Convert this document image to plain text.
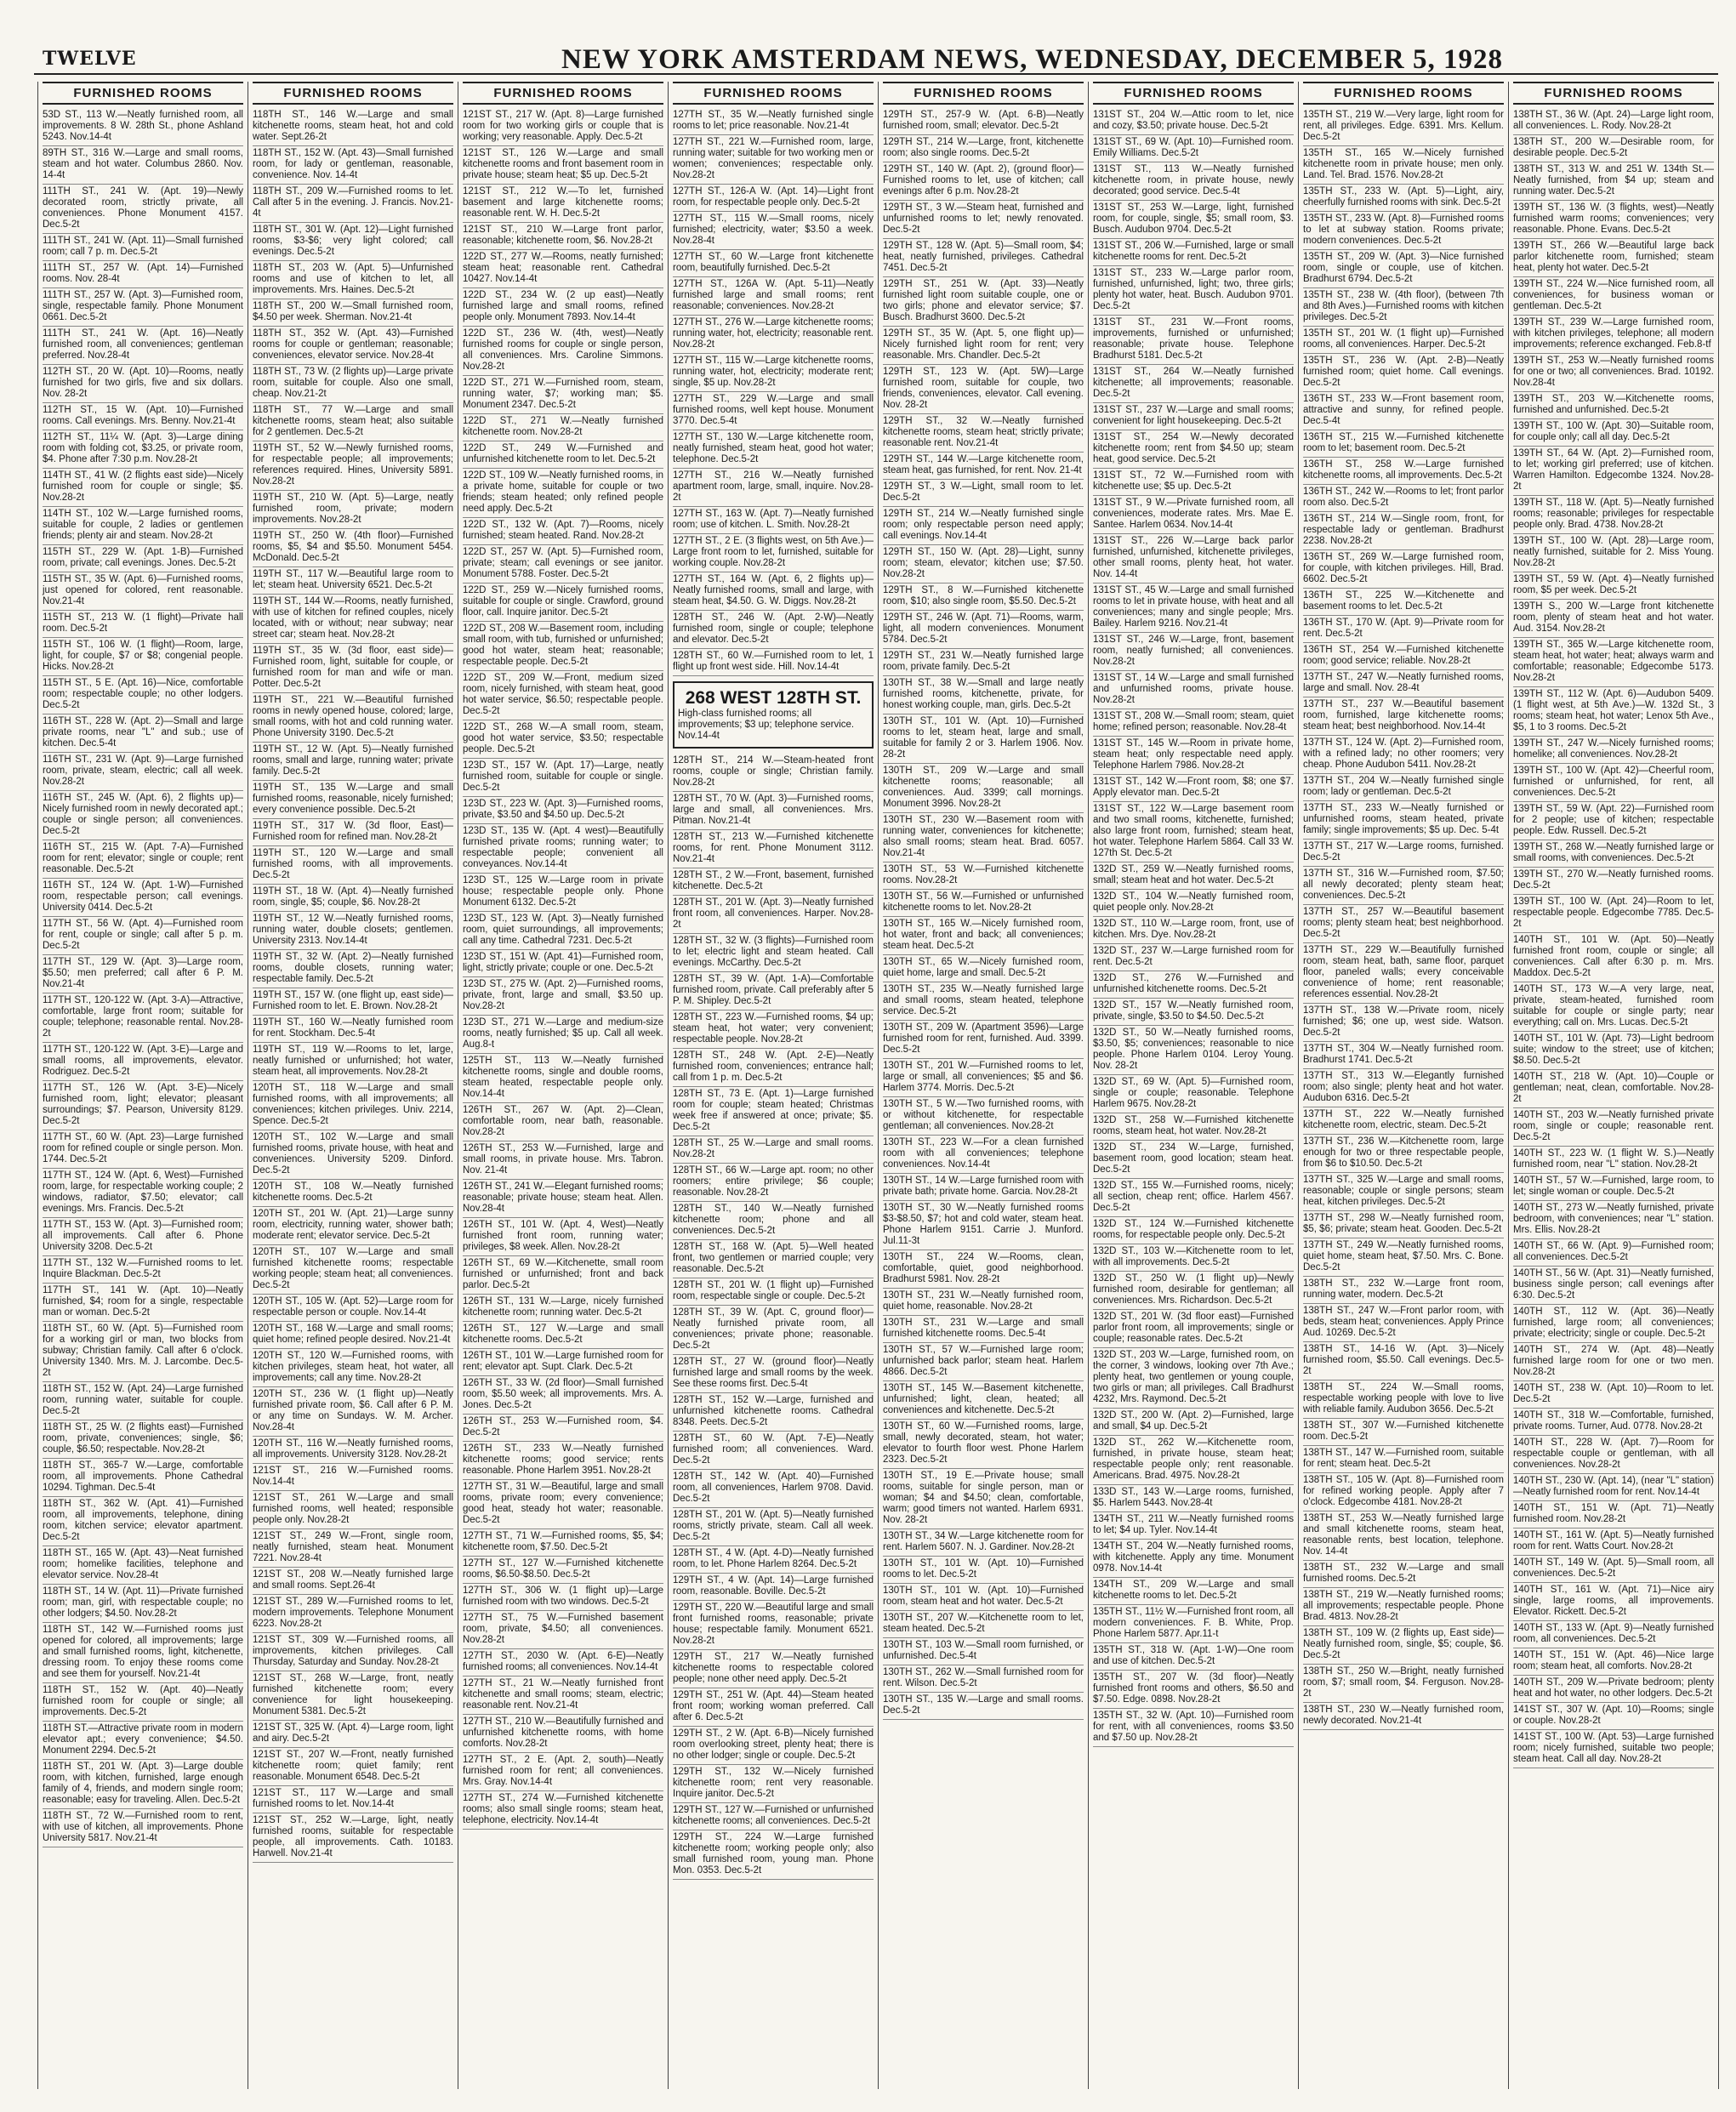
TWELVE	NEW YORK AMSTERDAM NEWS, WEDNESDAY, DECEMBER 5, 1928
FURNISHED ROOMS

53D ST., 113 W.—Neatly furnished room, all improvements. 8 W. 28th St., phone Ashland 5243. Nov.14-4t

89TH ST., 316 W.—Large and small rooms, steam and hot water. Columbus 2860. Nov. 14-4t

111TH ST., 241 W. (Apt. 19)—Newly decorated room, strictly private, all conveniences. Phone Monument 4157. Dec.5-2t

111TH ST., 241 W. (Apt. 11)—Small furnished room; call 7 p. m. Dec.5-2t

111TH ST., 257 W. (Apt. 14)—Furnished rooms. Nov. 28-4t

111TH ST., 257 W. (Apt. 3)—Furnished room, single, respectable family. Phone Monument 0661. Dec.5-2t

111TH ST., 241 W. (Apt. 16)—Neatly furnished room, all conveniences; gentleman preferred. Nov.28-4t

112TH ST., 20 W. (Apt. 10)—Rooms, neatly furnished for two girls, five and six dollars. Nov. 28-2t

112TH ST., 15 W. (Apt. 10)—Furnished rooms. Call evenings. Mrs. Benny. Nov.21-4t

112TH ST., 11¼ W. (Apt. 3)—Large dining room with folding cot, $3.25, or private room, $4. Phone after 7:30 p.m. Nov.28-2t

114TH ST., 41 W. (2 flights east side)—Nicely furnished room for couple or single; $5. Nov.28-2t

114TH ST., 102 W.—Large furnished rooms, suitable for couple, 2 ladies or gentlemen friends; plenty air and steam. Nov.28-2t

115TH ST., 229 W. (Apt. 1-B)—Furnished room, private; call evenings. Jones. Dec.5-2t

115TH ST., 35 W. (Apt. 6)—Furnished rooms, just opened for colored, rent reasonable. Nov.21-4t

115TH ST., 213 W. (1 flight)—Private hall room. Dec.5-2t

115TH ST., 106 W. (1 flight)—Room, large, light, for couple, $7 or $8; congenial people. Hicks. Nov.28-2t

115TH ST., 5 E. (Apt. 16)—Nice, comfortable room; respectable couple; no other lodgers. Dec.5-2t

116TH ST., 228 W. (Apt. 2)—Small and large private rooms, near "L" and sub.; use of kitchen. Dec.5-4t

116TH ST., 231 W. (Apt. 9)—Large furnished room, private, steam, electric; call all week. Nov.28-2t

116TH ST., 245 W. (Apt. 6), 2 flights up)—Nicely furnished room in newly decorated apt.; couple or single person; all conveniences. Dec.5-2t

116TH ST., 215 W. (Apt. 7-A)—Furnished room for rent; elevator; single or couple; rent reasonable. Dec.5-2t

116TH ST., 124 W. (Apt. 1-W)—Furnished room, respectable person; call evenings. University 0414. Dec.5-2t

117TH ST., 56 W. (Apt. 4)—Furnished room for rent, couple or single; call after 5 p. m. Dec.5-2t

117TH ST., 129 W. (Apt. 3)—Large room, $5.50; men preferred; call after 6 P. M. Nov.21-4t

117TH ST., 120-122 W. (Apt. 3-A)—Attractive, comfortable, large front room; suitable for couple; telephone; reasonable rental. Nov.28-2t

117TH ST., 120-122 W. (Apt. 3-E)—Large and small rooms, all improvements, elevator. Rodriguez. Dec.5-2t

117TH ST., 126 W. (Apt. 3-E)—Nicely furnished room, light; elevator; pleasant surroundings; $7. Pearson, University 8129. Dec.5-2t

117TH ST., 60 W. (Apt. 23)—Large furnished room for refined couple or single person. Mon. 1744. Dec.5-2t

117TH ST., 124 W. (Apt. 6, West)—Furnished room, large, for respectable working couple; 2 windows, radiator, $7.50; elevator; call evenings. Mrs. Francis. Dec.5-2t

117TH ST., 153 W. (Apt. 3)—Furnished room; all improvements. Call after 6. Phone University 3208. Dec.5-2t

117TH ST., 132 W.—Furnished rooms to let. Inquire Blackman. Dec.5-2t

117TH ST., 141 W. (Apt. 10)—Neatly furnished, $4; room for a single, respectable man or woman. Dec.5-2t

118TH ST., 60 W. (Apt. 5)—Furnished room for a working girl or man, two blocks from subway; Christian family. Call after 6 o'clock. University 1340. Mrs. M. J. Larcombe. Dec.5-2t

118TH ST., 152 W. (Apt. 24)—Large furnished room, running water, suitable for couple. Dec.5-2t

118TH ST., 25 W. (2 flights east)—Furnished room, private, conveniences; single, $6; couple, $6.50; respectable. Nov.28-2t

118TH ST., 365-7 W.—Large, comfortable room, all improvements. Phone Cathedral 10294. Tighman. Dec.5-4t

118TH ST., 362 W. (Apt. 41)—Furnished room, all improvements, telephone, dining room, kitchen service; elevator apartment. Dec.5-2t

118TH ST., 165 W. (Apt. 43)—Neat furnished room; homelike facilities, telephone and elevator service. Nov.28-4t

118TH ST., 14 W. (Apt. 11)—Private furnished room; man, girl, with respectable couple; no other lodgers; $4.50. Nov.28-2t

118TH ST., 142 W.—Furnished rooms just opened for colored, all improvements; large and small furnished rooms, light, kitchenette, dressing room. To enjoy these rooms come and see them for yourself. Nov.21-4t

118TH ST., 152 W. (Apt. 40)—Neatly furnished room for couple or single; all improvements. Dec.5-2t

118TH ST.—Attractive private room in modern elevator apt.; every convenience; $4.50. Monument 2294. Dec.5-2t

118TH ST., 201 W. (Apt. 3)—Large double room, with kitchen, furnished, large enough family of 4, friends, and modern single room; reasonable; easy for traveling. Allen. Dec.5-2t

118TH ST., 72 W.—Furnished room to rent, with use of kitchen, all improvements. Phone University 5817. Nov.21-4t

FURNISHED ROOMS

118TH ST., 146 W.—Large and small kitchenette rooms, steam heat, hot and cold water. Sept.26-2t

118TH ST., 152 W. (Apt. 43)—Small furnished room, for lady or gentleman, reasonable, convenience. Nov. 14-4t

118TH ST., 209 W.—Furnished rooms to let. Call after 5 in the evening. J. Francis. Nov.21-4t

118TH ST., 301 W. (Apt. 12)—Light furnished rooms, $3-$6; very light colored; call evenings. Dec.5-2t

118TH ST., 203 W. (Apt. 5)—Unfurnished rooms and use of kitchen to let, all improvements. Mrs. Haines. Dec.5-2t

118TH ST., 200 W.—Small furnished room, $4.50 per week. Sherman. Nov.21-4t

118TH ST., 352 W. (Apt. 43)—Furnished rooms for couple or gentleman; reasonable; conveniences, elevator service. Nov.28-4t

118TH ST., 73 W. (2 flights up)—Large private room, suitable for couple. Also one small, cheap. Nov.21-2t

118TH ST., 77 W.—Large and small kitchenette rooms, steam heat; also suitable for 2 gentlemen. Dec.5-2t

119TH ST., 52 W.—Newly furnished rooms, for respectable people; all improvements; references required. Hines, University 5891. Nov.28-2t

119TH ST., 210 W. (Apt. 5)—Large, neatly furnished room, private; modern improvements. Nov.28-2t

119TH ST., 250 W. (4th floor)—Furnished rooms, $5, $4 and $5.50. Monument 5454. McDonald. Dec.5-2t

119TH ST., 117 W.—Beautiful large room to let; steam heat. University 6521. Dec.5-2t

119TH ST., 144 W.—Rooms, neatly furnished, with use of kitchen for refined couples, nicely located, with or without; near subway; near street car; steam heat. Nov.28-2t

119TH ST., 35 W. (3d floor, east side)—Furnished room, light, suitable for couple, or furnished room for man and wife or man. Potter. Dec.5-2t

119TH ST., 221 W.—Beautiful furnished rooms in newly opened house, colored; large, small rooms, with hot and cold running water. Phone University 3190. Dec.5-2t

119TH ST., 12 W. (Apt. 5)—Neatly furnished rooms, small and large, running water; private family. Dec.5-2t

119TH ST., 135 W.—Large and small furnished rooms, reasonable, nicely furnished; every convenience possible. Dec.5-2t

119TH ST., 317 W. (3d floor, East)—Furnished room for refined man. Nov.28-2t

119TH ST., 120 W.—Large and small furnished rooms, with all improvements. Dec.5-2t

119TH ST., 18 W. (Apt. 4)—Neatly furnished room, single, $5; couple, $6. Nov.28-2t

119TH ST., 12 W.—Neatly furnished rooms, running water, double closets; gentlemen. University 2313. Nov.14-4t

119TH ST., 32 W. (Apt. 2)—Neatly furnished rooms, double closets, running water; respectable family. Dec.5-2t

119TH ST., 157 W. (one flight up, east side)—Furnished room to let. E. Brown. Nov.28-2t

119TH ST., 160 W.—Neatly furnished room for rent. Stockham. Dec.5-4t

119TH ST., 119 W.—Rooms to let, large, neatly furnished or unfurnished; hot water, steam heat, all improvements. Nov.28-2t

120TH ST., 118 W.—Large and small furnished rooms, with all improvements; all conveniences; kitchen privileges. Univ. 2214, Spence. Dec.5-2t

120TH ST., 102 W.—Large and small furnished rooms, private house, with heat and conveniences. University 5209. Dinford. Dec.5-2t

120TH ST., 108 W.—Neatly furnished kitchenette rooms. Dec.5-2t

120TH ST., 201 W. (Apt. 21)—Large sunny room, electricity, running water, shower bath; moderate rent; elevator service. Dec.5-2t

120TH ST., 107 W.—Large and small furnished kitchenette rooms; respectable working people; steam heat; all conveniences. Dec.5-2t

120TH ST., 105 W. (Apt. 52)—Large room for respectable person or couple. Nov.14-4t

120TH ST., 168 W.—Large and small rooms; quiet home; refined people desired. Nov.21-4t

120TH ST., 120 W.—Furnished rooms, with kitchen privileges, steam heat, hot water, all improvements; call any time. Nov.28-2t

120TH ST., 236 W. (1 flight up)—Neatly furnished private room, $6. Call after 6 P. M. or any time on Sundays. W. M. Archer. Nov.28-4t

120TH ST., 116 W.—Neatly furnished rooms, all improvements. University 3128. Nov.28-2t

121ST ST., 216 W.—Furnished rooms. Nov.14-4t

121ST ST., 261 W.—Large and small furnished rooms, well heated; responsible people only. Nov.28-2t

121ST ST., 249 W.—Front, single room, neatly furnished, steam heat. Monument 7221. Nov.28-4t

121ST ST., 208 W.—Neatly furnished large and small rooms. Sept.26-4t

121ST ST., 289 W.—Furnished rooms to let, modern improvements. Telephone Monument 6223. Nov.28-2t

121ST ST., 309 W.—Furnished rooms, all improvements, kitchen privileges. Call Thursday, Saturday and Sunday. Nov.28-2t

121ST ST., 268 W.—Large, front, neatly furnished kitchenette room; every convenience for light housekeeping. Monument 5381. Dec.5-2t

121ST ST., 325 W. (Apt. 4)—Large room, light and airy. Dec.5-2t

121ST ST., 207 W.—Front, neatly furnished kitchenette room; quiet family; rent reasonable. Monument 6548. Dec.5-2t

121ST ST., 117 W.—Large and small furnished rooms to let. Nov.14-4t

121ST ST., 252 W.—Large, light, neatly furnished rooms, suitable for respectable people, all improvements. Cath. 10183. Harwell. Nov.21-4t

FURNISHED ROOMS

121ST ST., 217 W. (Apt. 8)—Large furnished room for two working girls or couple that is working; very reasonable. Apply. Dec.5-2t

121ST ST., 126 W.—Large and small kitchenette rooms and front basement room in private house; steam heat; $5 up. Dec.5-2t

121ST ST., 212 W.—To let, furnished basement and large kitchenette rooms; reasonable rent. W. H. Dec.5-2t

121ST ST., 210 W.—Large front parlor, reasonable; kitchenette room, $6. Nov.28-2t

122D ST., 277 W.—Rooms, neatly furnished; steam heat; reasonable rent. Cathedral 10427. Nov.14-4t

122D ST., 234 W. (2 up east)—Neatly furnished large and small rooms, refined people only. Monument 7893. Nov.14-4t

122D ST., 236 W. (4th, west)—Neatly furnished rooms for couple or single person, all conveniences. Mrs. Caroline Simmons. Nov.28-2t

122D ST., 271 W.—Furnished room, steam, running water, $7; working man; $5. Monument 2347. Dec.5-2t

122D ST., 271 W.—Neatly furnished kitchenette room. Nov.28-2t

122D ST., 249 W.—Furnished and unfurnished kitchenette room to let. Dec.5-2t

122D ST., 109 W.—Neatly furnished rooms, in a private home, suitable for couple or two friends; steam heated; only refined people need apply. Dec.5-2t

122D ST., 132 W. (Apt. 7)—Rooms, nicely furnished; steam heated. Rand. Nov.28-2t

122D ST., 257 W. (Apt. 5)—Furnished room, private; steam; call evenings or see janitor. Monument 5788. Foster. Dec.5-2t

122D ST., 259 W.—Nicely furnished rooms, suitable for couple or single. Crawford, ground floor, call. Inquire janitor. Dec.5-2t

122D ST., 208 W.—Basement room, including small room, with tub, furnished or unfurnished; good hot water, steam heat; reasonable; respectable people. Dec.5-2t

122D ST., 209 W.—Front, medium sized room, nicely furnished, with steam heat, good hot water service, $6.50; respectable people. Dec.5-2t

122D ST., 268 W.—A small room, steam, good hot water service, $3.50; respectable people. Dec.5-2t

123D ST., 157 W. (Apt. 17)—Large, neatly furnished room, suitable for couple or single. Dec.5-2t

123D ST., 223 W. (Apt. 3)—Furnished rooms, private, $3.50 and $4.50 up. Dec.5-2t

123D ST., 135 W. (Apt. 4 west)—Beautifully furnished private rooms; running water; to respectable people; convenient all conveyances. Nov.14-4t

123D ST., 125 W.—Large room in private house; respectable people only. Phone Monument 6132. Dec.5-2t

123D ST., 123 W. (Apt. 3)—Neatly furnished room, quiet surroundings, all improvements; call any time. Cathedral 7231. Dec.5-2t

123D ST., 151 W. (Apt. 41)—Furnished room, light, strictly private; couple or one. Dec.5-2t

123D ST., 275 W. (Apt. 2)—Furnished rooms, private, front, large and small, $3.50 up. Nov.28-2t

123D ST., 271 W.—Large and medium-size rooms, neatly furnished; $5 up. Call all week. Aug.8-t

125TH ST., 113 W.—Neatly furnished kitchenette rooms, single and double rooms, steam heated, respectable people only. Nov.14-4t

126TH ST., 267 W. (Apt. 2)—Clean, comfortable room, near bath, reasonable. Nov.28-2t

126TH ST., 253 W.—Furnished, large and small rooms, in private house. Mrs. Tabron. Nov. 21-4t

126TH ST., 241 W.—Elegant furnished rooms; reasonable; private house; steam heat. Allen. Nov.28-4t

126TH ST., 101 W. (Apt. 4, West)—Neatly furnished front room, running water; privileges, $8 week. Allen. Nov.28-2t

126TH ST., 69 W.—Kitchenette, small room furnished or unfurnished; front and back parlor. Dec.5-2t

126TH ST., 131 W.—Large, nicely furnished kitchenette room; running water. Dec.5-2t

126TH ST., 127 W.—Large and small kitchenette rooms. Dec.5-2t

126TH ST., 101 W.—Large furnished room for rent; elevator apt. Supt. Clark. Dec.5-2t

126TH ST., 33 W. (2d floor)—Small furnished room, $5.50 week; all improvements. Mrs. A. Jones. Dec.5-2t

126TH ST., 253 W.—Furnished room, $4. Dec.5-2t

126TH ST., 233 W.—Neatly furnished kitchenette rooms; good service; rents reasonable. Phone Harlem 3951. Nov.28-2t

127TH ST., 31 W.—Beautiful, large and small rooms, private room; every convenience; good heat, steady hot water; reasonable. Dec.5-2t

127TH ST., 71 W.—Furnished rooms, $5, $4; kitchenette room, $7.50. Dec.5-2t

127TH ST., 127 W.—Furnished kitchenette rooms, $6.50-$8.50. Dec.5-2t

127TH ST., 306 W. (1 flight up)—Large furnished room with two windows. Dec.5-2t

127TH ST., 75 W.—Furnished basement room, private, $4.50; all conveniences. Nov.28-2t

127TH ST., 2030 W. (Apt. 6-E)—Neatly furnished rooms; all conveniences. Nov.14-4t

127TH ST., 21 W.—Neatly furnished front kitchenette and small rooms; steam, electric; reasonable rent. Nov.21-4t

127TH ST., 210 W.—Beautifully furnished and unfurnished kitchenette rooms, with home comforts. Nov.28-2t

127TH ST., 2 E. (Apt. 2, south)—Neatly furnished room for rent; all conveniences. Mrs. Gray. Nov.14-4t

127TH ST., 274 W.—Furnished kitchenette rooms; also small single rooms; steam heat, telephone, electricity. Nov.14-4t

FURNISHED ROOMS

127TH ST., 35 W.—Neatly furnished single rooms to let; price reasonable. Nov.21-4t

127TH ST., 221 W.—Furnished room, large, running water; suitable for two working men or women; conveniences; respectable only. Nov.28-2t

127TH ST., 126-A W. (Apt. 14)—Light front room, for respectable people only. Dec.5-2t

127TH ST., 115 W.—Small rooms, nicely furnished; electricity, water; $3.50 a week. Nov.28-4t

127TH ST., 60 W.—Large front kitchenette room, beautifully furnished. Dec.5-2t

127TH ST., 126A W. (Apt. 5-11)—Neatly furnished large and small rooms; rent reasonable; conveniences. Nov.28-2t

127TH ST., 276 W.—Large kitchenette rooms; running water, hot, electricity; reasonable rent. Nov.28-2t

127TH ST., 115 W.—Large kitchenette rooms, running water, hot, electricity; moderate rent; single, $5 up. Nov.28-2t

127TH ST., 229 W.—Large and small furnished rooms, well kept house. Monument 3770. Dec.5-4t

127TH ST., 130 W.—Large kitchenette room, neatly furnished, steam heat, good hot water; telephone. Dec.5-2t

127TH ST., 216 W.—Neatly furnished apartment room, large, small, inquire. Nov.28-2t

127TH ST., 163 W. (Apt. 7)—Neatly furnished room; use of kitchen. L. Smith. Nov.28-2t

127TH ST., 2 E. (3 flights west, on 5th Ave.)—Large front room to let, furnished, suitable for working couple. Nov.28-2t

127TH ST., 164 W. (Apt. 6, 2 flights up)—Neatly furnished rooms, small and large, with steam heat, $4.50. G. W. Diggs. Nov.28-2t

128TH ST., 246 W. (Apt. 2-W)—Neatly furnished room, single or couple; telephone and elevator. Dec.5-2t

128TH ST., 60 W.—Furnished room to let, 1 flight up front west side. Hill. Nov.14-4t

268 WEST 128TH ST.
High-class furnished rooms; all improvements; $3 up; telephone service. Nov.14-4t

128TH ST., 214 W.—Steam-heated front rooms, couple or single; Christian family. Nov.28-2t

128TH ST., 70 W. (Apt. 3)—Furnished rooms, large and small, all conveniences. Mrs. Pitman. Nov.21-4t

128TH ST., 213 W.—Furnished kitchenette rooms, for rent. Phone Monument 3112. Nov.21-4t

128TH ST., 2 W.—Front, basement, furnished kitchenette. Dec.5-2t

128TH ST., 201 W. (Apt. 3)—Neatly furnished front room, all conveniences. Harper. Nov.28-2t

128TH ST., 32 W. (3 flights)—Furnished room to let; electric light and steam heated. Call evenings. McCarthy. Dec.5-2t

128TH ST., 39 W. (Apt. 1-A)—Comfortable furnished room, private. Call preferably after 5 P. M. Shipley. Dec.5-2t

128TH ST., 223 W.—Furnished rooms, $4 up; steam heat, hot water; very convenient; respectable people. Nov.28-2t

128TH ST., 248 W. (Apt. 2-E)—Neatly furnished room, conveniences; entrance hall; call from 1 p. m. Dec.5-2t

128TH ST., 73 E. (Apt. 1)—Large furnished room for couple; steam heated; Christmas week free if answered at once; private; $5. Dec.5-2t

128TH ST., 25 W.—Large and small rooms. Nov.28-2t

128TH ST., 66 W.—Large apt. room; no other roomers; entire privilege; $6 couple; reasonable. Nov.28-2t

128TH ST., 140 W.—Neatly furnished kitchenette room; phone and all conveniences. Dec.5-2t

128TH ST., 168 W. (Apt. 5)—Well heated front, two gentlemen or married couple; very reasonable. Dec.5-2t

128TH ST., 201 W. (1 flight up)—Furnished room, respectable single or couple. Dec.5-2t

128TH ST., 39 W. (Apt. C, ground floor)—Neatly furnished private room, all conveniences; private phone; reasonable. Dec.5-2t

128TH ST., 27 W. (ground floor)—Neatly furnished large and small rooms by the week. See these rooms first. Dec.5-4t

128TH ST., 152 W.—Large, furnished and unfurnished kitchenette rooms. Cathedral 8348. Peets. Dec.5-2t

128TH ST., 60 W. (Apt. 7-E)—Neatly furnished room; all conveniences. Ward. Dec.5-2t

128TH ST., 142 W. (Apt. 40)—Furnished room, all conveniences, Harlem 9708. David. Dec.5-2t

128TH ST., 201 W. (Apt. 5)—Neatly furnished rooms, strictly private, steam. Call all week. Dec.5-2t

128TH ST., 4 W. (Apt. 4-D)—Neatly furnished room, to let. Phone Harlem 8264. Dec.5-2t

129TH ST., 4 W. (Apt. 14)—Large furnished room, reasonable. Boville. Dec.5-2t

129TH ST., 220 W.—Beautiful large and small front furnished rooms, reasonable; private house; respectable family. Monument 6521. Nov.28-2t

129TH ST., 217 W.—Neatly furnished kitchenette rooms to respectable colored people; none other need apply. Dec.5-2t

129TH ST., 251 W. (Apt. 44)—Steam heated front room; working woman preferred. Call after 6. Dec.5-2t

129TH ST., 2 W. (Apt. 6-B)—Nicely furnished room overlooking street, plenty heat; there is no other lodger; single or couple. Dec.5-2t

129TH ST., 132 W.—Nicely furnished kitchenette room; rent very reasonable. Inquire janitor. Dec.5-2t

129TH ST., 127 W.—Furnished or unfurnished kitchenette rooms; all conveniences. Dec.5-2t

129TH ST., 224 W.—Large furnished kitchenette room; working people only; also small furnished room, young man. Phone Mon. 0353. Dec.5-2t

FURNISHED ROOMS

129TH ST., 257-9 W. (Apt. 6-B)—Neatly furnished room, small; elevator. Dec.5-2t

129TH ST., 214 W.—Large, front, kitchenette room; also single rooms. Dec.5-2t

129TH ST., 140 W. (Apt. 2), (ground floor)—Furnished rooms to let, use of kitchen; call evenings after 6 p.m. Nov.28-2t

129TH ST., 3 W.—Steam heat, furnished and unfurnished rooms to let; newly renovated. Dec.5-2t

129TH ST., 128 W. (Apt. 5)—Small room, $4; heat, neatly furnished, privileges. Cathedral 7451. Dec.5-2t

129TH ST., 251 W. (Apt. 33)—Neatly furnished light room suitable couple, one or two girls; phone and elevator service; $7. Busch. Bradhurst 3600. Dec.5-2t

129TH ST., 35 W. (Apt. 5, one flight up)—Nicely furnished light room for rent; very reasonable. Mrs. Chandler. Dec.5-2t

129TH ST., 123 W. (Apt. 5W)—Large furnished room, suitable for couple, two friends, conveniences, elevator. Call evening. Nov. 28-2t

129TH ST., 32 W.—Neatly furnished kitchenette rooms, steam heat; strictly private; reasonable rent. Nov.21-4t

129TH ST., 144 W.—Large kitchenette room, steam heat, gas furnished, for rent. Nov. 21-4t

129TH ST., 3 W.—Light, small room to let. Dec.5-2t

129TH ST., 214 W.—Neatly furnished single room; only respectable person need apply; call evenings. Nov.14-4t

129TH ST., 150 W. (Apt. 28)—Light, sunny room; steam, elevator; kitchen use; $7.50. Nov.28-2t

129TH ST., 8 W.—Furnished kitchenette room, $10; also single room, $5.50. Dec.5-2t

129TH ST., 246 W. (Apt. 71)—Rooms, warm, light, all modern conveniences. Monument 5784. Dec.5-2t

129TH ST., 231 W.—Neatly furnished large room, private family. Dec.5-2t

130TH ST., 38 W.—Small and large neatly furnished rooms, kitchenette, private, for honest working couple, man, girls. Dec.5-2t

130TH ST., 101 W. (Apt. 10)—Furnished rooms to let, steam heat, large and small, suitable for family 2 or 3. Harlem 1906. Nov. 28-2t

130TH ST., 209 W.—Large and small kitchenette rooms; reasonable; all conveniences. Aud. 3399; call mornings. Monument 3996. Nov.28-2t

130TH ST., 230 W.—Basement room with running water, conveniences for kitchenette; also small rooms; steam heat. Brad. 6057. Nov.21-4t

130TH ST., 53 W.—Furnished kitchenette rooms. Nov.28-2t

130TH ST., 56 W.—Furnished or unfurnished kitchenette rooms to let. Nov.28-2t

130TH ST., 165 W.—Nicely furnished room, hot water, front and back; all conveniences; steam heat. Dec.5-2t

130TH ST., 65 W.—Nicely furnished room, quiet home, large and small. Dec.5-2t

130TH ST., 235 W.—Neatly furnished large and small rooms, steam heated, telephone service. Dec.5-2t

130TH ST., 209 W. (Apartment 3596)—Large furnished room for rent, furnished. Aud. 3399. Dec.5-2t

130TH ST., 201 W.—Furnished rooms to let, large or small, all conveniences; $5 and $6. Harlem 3774. Morris. Dec.5-2t

130TH ST., 5 W.—Two furnished rooms, with or without kitchenette, for respectable gentleman; all conveniences. Nov.28-2t

130TH ST., 223 W.—For a clean furnished room with all conveniences; telephone conveniences. Nov.14-4t

130TH ST., 14 W.—Large furnished room with private bath; private home. Garcia. Nov.28-2t

130TH ST., 30 W.—Neatly furnished rooms $3-$8.50, $7; hot and cold water, steam heat. Phone Harlem 9151. Carrie J. Munford. Jul.11-3t

130TH ST., 224 W.—Rooms, clean, comfortable, quiet, good neighborhood. Bradhurst 5981. Nov. 28-2t

130TH ST., 231 W.—Neatly furnished room, quiet home, reasonable. Nov.28-2t

130TH ST., 231 W.—Large and small furnished kitchenette rooms. Dec.5-4t

130TH ST., 57 W.—Furnished large room; unfurnished back parlor; steam heat. Harlem 4866. Dec.5-2t

130TH ST., 145 W.—Basement kitchenette, unfurnished; light, clean, heated; all conveniences and kitchenette. Dec.5-2t

130TH ST., 60 W.—Furnished rooms, large, small, newly decorated, steam, hot water; elevator to fourth floor west. Phone Harlem 2323. Dec.5-2t

130TH ST., 19 E.—Private house; small rooms, suitable for single person, man or woman; $4 and $4.50; clean, comfortable, warm; good timers not wanted. Harlem 6931. Nov. 28-2t

130TH ST., 34 W.—Large kitchenette room for rent. Harlem 5607. N. J. Gardiner. Nov.28-2t

130TH ST., 101 W. (Apt. 10)—Furnished rooms to let. Dec.5-2t

130TH ST., 101 W. (Apt. 10)—Furnished room, steam heat and hot water. Dec.5-2t

130TH ST., 207 W.—Kitchenette room to let, steam heated. Dec.5-2t

130TH ST., 103 W.—Small room furnished, or unfurnished. Dec.5-4t

130TH ST., 262 W.—Small furnished room for rent. Wilson. Dec.5-2t

130TH ST., 135 W.—Large and small rooms. Dec.5-2t

FURNISHED ROOMS

131ST ST., 204 W.—Attic room to let, nice and cozy, $3.50; private house. Dec.5-2t

131ST ST., 69 W. (Apt. 10)—Furnished room. Emily Williams. Dec.5-2t

131ST ST., 113 W.—Neatly furnished kitchenette room, in private house, newly decorated; good service. Dec.5-4t

131ST ST., 253 W.—Large, light, furnished room, for couple, single, $5; small room, $3. Busch. Audubon 9704. Dec.5-2t

131ST ST., 206 W.—Furnished, large or small kitchenette rooms for rent. Dec.5-2t

131ST ST., 233 W.—Large parlor room, furnished, unfurnished, light; two, three girls; plenty hot water, heat. Busch. Audubon 9701. Dec.5-2t

131ST ST., 231 W.—Front rooms, improvements, furnished or unfurnished; reasonable; private house. Telephone Bradhurst 5181. Dec.5-2t

131ST ST., 264 W.—Neatly furnished kitchenette; all improvements; reasonable. Dec.5-2t

131ST ST., 237 W.—Large and small rooms; convenient for light housekeeping. Dec.5-2t

131ST ST., 254 W.—Newly decorated kitchenette room; rent from $4.50 up; steam heat, good service. Dec.5-2t

131ST ST., 72 W.—Furnished room with kitchenette use; $5 up. Dec.5-2t

131ST ST., 9 W.—Private furnished room, all conveniences, moderate rates. Mrs. Mae E. Santee. Harlem 0634. Nov.14-4t

131ST ST., 226 W.—Large back parlor furnished, unfurnished, kitchenette privileges, other small rooms, plenty heat, hot water. Nov. 14-4t

131ST ST., 45 W.—Large and small furnished rooms to let in private house, with heat and all conveniences; many and single people; Mrs. Bailey. Harlem 9216. Nov.21-4t

131ST ST., 246 W.—Large, front, basement room, neatly furnished; all conveniences. Nov.28-2t

131ST ST., 14 W.—Large and small furnished and unfurnished rooms, private house. Nov.28-2t

131ST ST., 208 W.—Small room; steam, quiet home; refined person; reasonable. Nov.28-4t

131ST ST., 145 W.—Room in private home, steam heat; only respectable need apply. Telephone Harlem 7986. Nov.28-2t

131ST ST., 142 W.—Front room, $8; one $7. Apply elevator man. Dec.5-2t

131ST ST., 122 W.—Large basement room and two small rooms, kitchenette, furnished; also large front room, furnished; steam heat, hot water. Telephone Harlem 5864. Call 33 W. 127th St. Dec.5-2t

132D ST., 259 W.—Neatly furnished rooms, small; steam heat and hot water. Dec.5-2t

132D ST., 104 W.—Neatly furnished room, quiet people only. Nov.28-2t

132D ST., 110 W.—Large room, front, use of kitchen. Mrs. Dye. Nov.28-2t

132D ST., 237 W.—Large furnished room for rent. Dec.5-2t

132D ST., 276 W.—Furnished and unfurnished kitchenette rooms. Dec.5-2t

132D ST., 157 W.—Neatly furnished room, private, single, $3.50 to $4.50. Dec.5-2t

132D ST., 50 W.—Neatly furnished rooms, $3.50, $5; conveniences; reasonable to nice people. Phone Harlem 0104. Leroy Young. Nov. 28-2t

132D ST., 69 W. (Apt. 5)—Furnished room, single or couple; reasonable. Telephone Harlem 9675. Nov.28-2t

132D ST., 258 W.—Furnished kitchenette rooms, steam heat, hot water. Nov.28-2t

132D ST., 234 W.—Large, furnished, basement room, good location; steam heat. Dec.5-2t

132D ST., 155 W.—Furnished rooms, nicely; all section, cheap rent; office. Harlem 4567. Dec.5-2t

132D ST., 124 W.—Furnished kitchenette rooms, for respectable people only. Dec.5-2t

132D ST., 103 W.—Kitchenette room to let, with all improvements. Dec.5-2t

132D ST., 250 W. (1 flight up)—Newly furnished room, desirable for gentleman; all conveniences. Mrs. Richardson. Dec.5-2t

132D ST., 201 W. (3d floor east)—Furnished parlor front room, all improvements; single or couple; reasonable rates. Dec.5-2t

132D ST., 203 W.—Large, furnished room, on the corner, 3 windows, looking over 7th Ave.; plenty heat, two gentlemen or young couple, two girls or man; all privileges. Call Bradhurst 4232, Mrs. Raymond. Dec.5-2t

132D ST., 200 W. (Apt. 2)—Furnished, large and small, $4 up. Dec.5-2t

132D ST., 262 W.—Kitchenette room, furnished, in private house, steam heat; respectable people only; rent reasonable. Americans. Brad. 4975. Nov.28-2t

133D ST., 143 W.—Large rooms, furnished, $5. Harlem 5443. Nov.28-4t

134TH ST., 211 W.—Neatly furnished rooms to let; $4 up. Tyler. Nov.14-4t

134TH ST., 204 W.—Neatly furnished rooms, with kitchenette. Apply any time. Monument 0978. Nov.14-4t

134TH ST., 209 W.—Large and small kitchenette rooms to let. Dec.5-2t

135TH ST., 11½ W.—Furnished front room, all modern conveniences. F. B. White, Prop. Phone Harlem 5877. Apr.11-t

135TH ST., 318 W. (Apt. 1-W)—One room and use of kitchen. Dec.5-2t

135TH ST., 207 W. (3d floor)—Neatly furnished front rooms and others, $6.50 and $7.50. Edge. 0898. Nov.28-2t

135TH ST., 32 W. (Apt. 10)—Furnished room for rent, with all conveniences, rooms $3.50 and $7.50 up. Nov.28-2t

FURNISHED ROOMS

135TH ST., 219 W.—Very large, light room for rent, all privileges. Edge. 6391. Mrs. Kellum. Dec.5-2t

135TH ST., 165 W.—Nicely furnished kitchenette room in private house; men only. Land. Tel. Brad. 1576. Nov.28-2t

135TH ST., 233 W. (Apt. 5)—Light, airy, cheerfully furnished rooms with sink. Dec.5-2t

135TH ST., 233 W. (Apt. 8)—Furnished rooms to let at subway station. Rooms private; modern conveniences. Dec.5-2t

135TH ST., 209 W. (Apt. 3)—Nice furnished room, single or couple, use of kitchen. Bradhurst 6794. Dec.5-2t

135TH ST., 238 W. (4th floor), (between 7th and 8th Aves.)—Furnished rooms with kitchen privileges. Dec.5-2t

135TH ST., 201 W. (1 flight up)—Furnished rooms, all conveniences. Harper. Dec.5-2t

135TH ST., 236 W. (Apt. 2-B)—Neatly furnished room; quiet home. Call evenings. Dec.5-2t

136TH ST., 233 W.—Front basement room, attractive and sunny, for refined people. Dec.5-4t

136TH ST., 215 W.—Furnished kitchenette room to let; basement room. Dec.5-2t

136TH ST., 258 W.—Large furnished kitchenette rooms, all improvements. Dec.5-2t

136TH ST., 242 W.—Rooms to let; front parlor room also. Dec.5-2t

136TH ST., 214 W.—Single room, front, for respectable lady or gentleman. Bradhurst 2238. Nov.28-2t

136TH ST., 269 W.—Large furnished room, for couple, with kitchen privileges. Hill, Brad. 6602. Dec.5-2t

136TH ST., 225 W.—Kitchenette and basement rooms to let. Dec.5-2t

136TH ST., 170 W. (Apt. 9)—Private room for rent. Dec.5-2t

136TH ST., 254 W.—Furnished kitchenette room; good service; reliable. Nov.28-2t

137TH ST., 247 W.—Neatly furnished rooms, large and small. Nov. 28-4t

137TH ST., 237 W.—Beautiful basement room, furnished, large kitchenette rooms; steam heat; best neighborhood. Nov.14-4t

137TH ST., 124 W. (Apt. 2)—Furnished room, with a refined lady; no other roomers; very cheap. Phone Audubon 5411. Nov.28-2t

137TH ST., 204 W.—Neatly furnished single room; lady or gentleman. Dec.5-2t

137TH ST., 233 W.—Neatly furnished or unfurnished rooms, steam heated, private family; single improvements; $5 up. Dec. 5-4t

137TH ST., 217 W.—Large rooms, furnished. Dec.5-2t

137TH ST., 316 W.—Furnished room, $7.50; all newly decorated; plenty steam heat; conveniences. Dec.5-2t

137TH ST., 257 W.—Beautiful basement rooms; plenty steam heat; best neighborhood. Dec.5-2t

137TH ST., 229 W.—Beautifully furnished room, steam heat, bath, same floor, parquet floor, paneled walls; every conceivable convenience of home; rent reasonable; references essential. Nov.28-2t

137TH ST., 138 W.—Private room, nicely furnished; $6; one up, west side. Watson. Dec.5-2t

137TH ST., 304 W.—Neatly furnished room. Bradhurst 1741. Dec.5-2t

137TH ST., 313 W.—Elegantly furnished room; also single; plenty heat and hot water. Audubon 6316. Dec.5-2t

137TH ST., 222 W.—Neatly furnished kitchenette room, electric, steam. Dec.5-2t

137TH ST., 236 W.—Kitchenette room, large enough for two or three respectable people, from $6 to $10.50. Dec.5-2t

137TH ST., 325 W.—Large and small rooms, reasonable; couple or single persons; steam heat, kitchen privileges. Dec.5-2t

137TH ST., 298 W.—Neatly furnished room, $5, $6; private; steam heat. Gooden. Dec.5-2t

137TH ST., 249 W.—Neatly furnished rooms, quiet home, steam heat, $7.50. Mrs. C. Bone. Dec.5-2t

138TH ST., 232 W.—Large front room, running water, modern. Dec.5-2t

138TH ST., 247 W.—Front parlor room, with beds, steam heat; conveniences. Apply Prince Aud. 10269. Dec.5-2t

138TH ST., 14-16 W. (Apt. 3)—Nicely furnished room, $5.50. Call evenings. Dec.5-2t

138TH ST., 224 W.—Small rooms, respectable working people with love to live with reliable family. Audubon 3656. Dec.5-2t

138TH ST., 307 W.—Furnished kitchenette room. Dec.5-2t

138TH ST., 147 W.—Furnished room, suitable for rent; steam heat. Dec.5-2t

138TH ST., 105 W. (Apt. 8)—Furnished room for refined working people. Apply after 7 o'clock. Edgecombe 4181. Nov.28-2t

138TH ST., 253 W.—Neatly furnished large and small kitchenette rooms, steam heat, reasonable rents, best location, telephone. Nov. 14-4t

138TH ST., 232 W.—Large and small furnished rooms. Dec.5-2t

138TH ST., 219 W.—Neatly furnished rooms; all improvements; respectable people. Phone Brad. 4813. Nov.28-2t

138TH ST., 109 W. (2 flights up, East side)—Neatly furnished room, single, $5; couple, $6. Dec.5-2t

138TH ST., 250 W.—Bright, neatly furnished room, $7; small room, $4. Ferguson. Nov.28-2t

138TH ST., 230 W.—Neatly furnished room, newly decorated. Nov.21-4t

FURNISHED ROOMS

138TH ST., 36 W. (Apt. 24)—Large light room, all conveniences. L. Rody. Nov.28-2t

138TH ST., 200 W.—Desirable room, for desirable people. Dec.5-2t

138TH ST., 313 W. and 251 W. 134th St.—Neatly furnished, from $4 up; steam and running water. Dec.5-2t

139TH ST., 136 W. (3 flights, west)—Neatly furnished warm rooms; conveniences; very reasonable. Phone. Evans. Dec.5-2t

139TH ST., 266 W.—Beautiful large back parlor kitchenette room, furnished; steam heat, plenty hot water. Dec.5-2t

139TH ST., 224 W.—Nice furnished room, all conveniences, for business woman or gentleman. Dec.5-2t

139TH ST., 239 W.—Large furnished room, with kitchen privileges, telephone; all modern improvements; reference exchanged. Feb.8-tf

139TH ST., 253 W.—Neatly furnished rooms for one or two; all conveniences. Brad. 10192. Nov.28-4t

139TH ST., 203 W.—Kitchenette rooms, furnished and unfurnished. Dec.5-2t

139TH ST., 100 W. (Apt. 30)—Suitable room, for couple only; call all day. Dec.5-2t

139TH ST., 64 W. (Apt. 2)—Furnished room, to let; working girl preferred; use of kitchen. Warren Hamilton. Edgecombe 1324. Nov.28-2t

139TH ST., 118 W. (Apt. 5)—Neatly furnished rooms; reasonable; privileges for respectable people only. Brad. 4738. Nov.28-2t

139TH ST., 100 W. (Apt. 28)—Large room, neatly furnished, suitable for 2. Miss Young. Nov.28-2t

139TH ST., 59 W. (Apt. 4)—Neatly furnished room, $5 per week. Dec.5-2t

139TH S., 200 W.—Large front kitchenette room, plenty of steam heat and hot water. Aud. 3154. Nov.28-2t

139TH ST., 365 W.—Large kitchenette room, steam heat, hot water; heat; always warm and comfortable; reasonable; Edgecombe 5173. Nov.28-2t

139TH ST., 112 W. (Apt. 6)—Audubon 5409. (1 flight west, at 5th Ave.)—W. 132d St., 3 rooms; steam heat, hot water; Lenox 5th Ave., $5, 1 to 3 rooms. Dec.5-2t

139TH ST., 247 W.—Nicely furnished rooms; homelike; all conveniences. Nov.28-2t

139TH ST., 100 W. (Apt. 42)—Cheerful room, furnished or unfurnished, for rent, all conveniences. Dec.5-2t

139TH ST., 59 W. (Apt. 22)—Furnished room for 2 people; use of kitchen; respectable people. Edw. Russell. Dec.5-2t

139TH ST., 268 W.—Neatly furnished large or small rooms, with conveniences. Dec.5-2t

139TH ST., 270 W.—Neatly furnished rooms. Dec.5-2t

139TH ST., 100 W. (Apt. 24)—Room to let, respectable people. Edgecombe 7785. Dec.5-2t

140TH ST., 101 W. (Apt. 50)—Neatly furnished front room, couple or single; all conveniences. Call after 6:30 p. m. Mrs. Maddox. Dec.5-2t

140TH ST., 173 W.—A very large, neat, private, steam-heated, furnished room suitable for couple or single party; near everything; call on. Mrs. Lucas. Dec.5-2t

140TH ST., 101 W. (Apt. 73)—Light bedroom suite; window to the street; use of kitchen; $8.50. Dec.5-2t

140TH ST., 218 W. (Apt. 10)—Couple or gentleman; neat, clean, comfortable. Nov.28-2t

140TH ST., 203 W.—Neatly furnished private room, single or couple; reasonable rent. Dec.5-2t

140TH ST., 223 W. (1 flight W. S.)—Neatly furnished room, near "L" station. Nov.28-2t

140TH ST., 57 W.—Furnished, large room, to let; single woman or couple. Dec.5-2t

140TH ST., 273 W.—Neatly furnished, private bedroom, with conveniences; near "L" station. Mrs. Ellis. Nov.28-2t

140TH ST., 66 W. (Apt. 9)—Furnished room; all conveniences. Dec.5-2t

140TH ST., 56 W. (Apt. 31)—Neatly furnished, business single person; call evenings after 6:30. Dec.5-2t

140TH ST., 112 W. (Apt. 36)—Neatly furnished, large room; all conveniences; private; electricity; single or couple. Dec.5-2t

140TH ST., 274 W. (Apt. 48)—Neatly furnished large room for one or two men. Nov.28-2t

140TH ST., 238 W. (Apt. 10)—Room to let. Dec.5-2t

140TH ST., 318 W.—Comfortable, furnished, private rooms. Turner, Aud. 0778. Nov.28-2t

140TH ST., 228 W. (Apt. 7)—Room for respectable couple or gentleman, with all conveniences. Nov.28-2t

140TH ST., 230 W. (Apt. 14), (near "L" station)—Neatly furnished room for rent. Nov.14-4t

140TH ST., 151 W. (Apt. 71)—Neatly furnished room. Nov.28-2t

140TH ST., 161 W. (Apt. 5)—Neatly furnished room for rent. Watts Court. Nov.28-2t

140TH ST., 149 W. (Apt. 5)—Small room, all conveniences. Dec.5-2t

140TH ST., 161 W. (Apt. 71)—Nice airy single, large rooms, all improvements. Elevator. Rickett. Dec.5-2t

140TH ST., 133 W. (Apt. 9)—Neatly furnished room, all conveniences. Dec.5-2t

140TH ST., 151 W. (Apt. 46)—Nice large room; steam heat, all comforts. Nov.28-2t

140TH ST., 209 W.—Private bedroom; plenty heat and hot water, no other lodgers. Dec.5-2t

141ST ST., 307 W. (Apt. 10)—Rooms; single or couple. Nov.28-2t

141ST ST., 100 W. (Apt. 53)—Large furnished room; nicely furnished, suitable two people; steam heat. Call all day. Nov.28-2t
